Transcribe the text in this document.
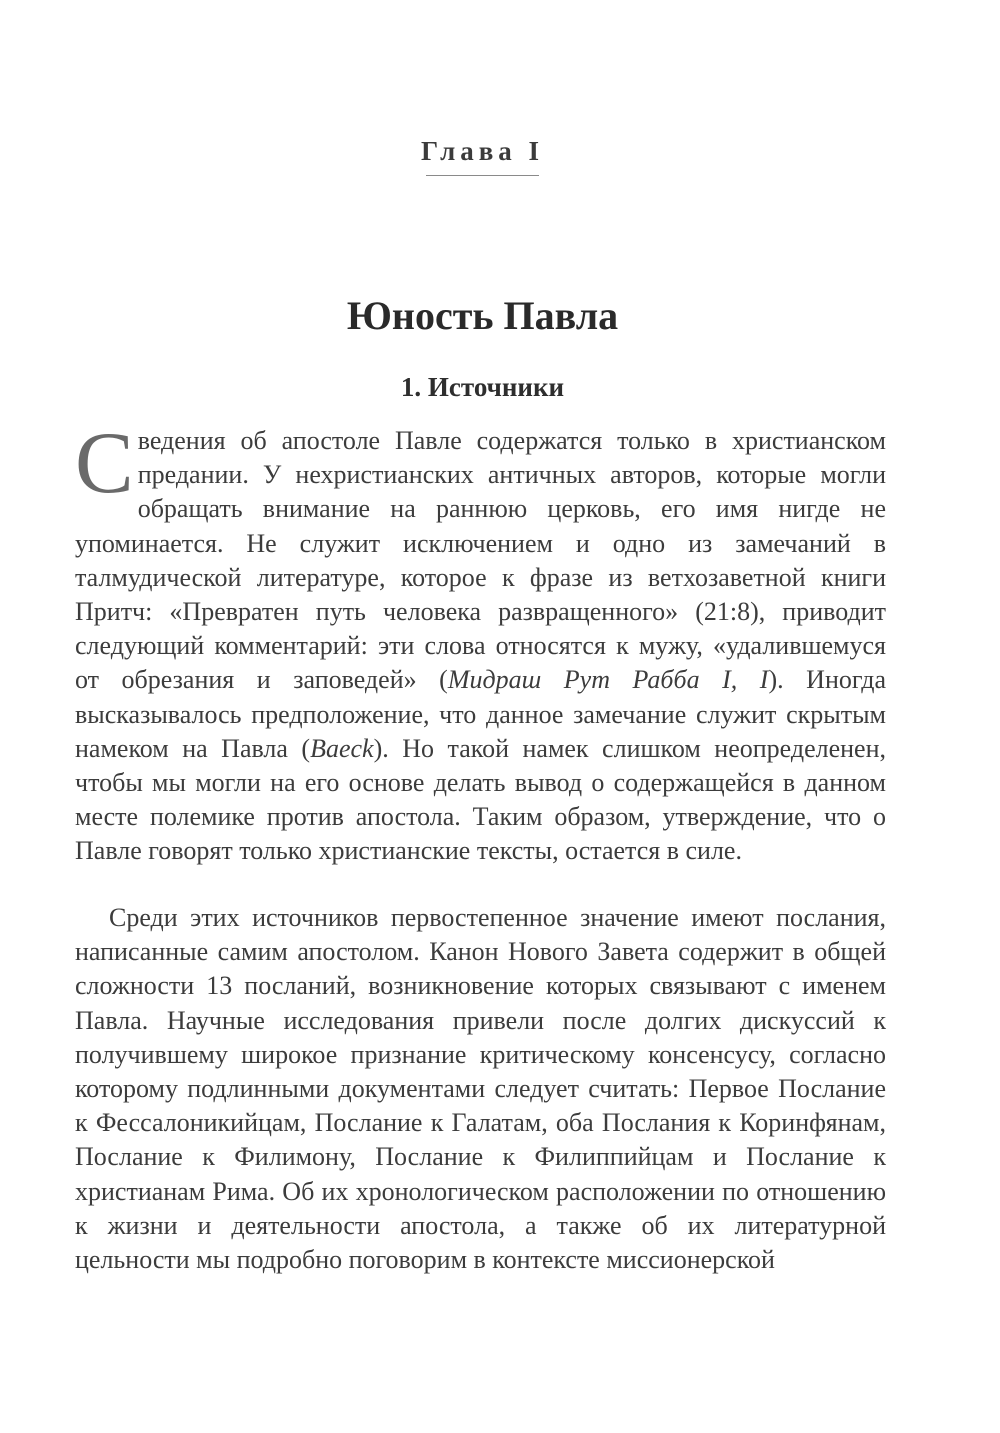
Глава I
Юность Павла
1. Источники

Сведения об апостоле Павле содержатся только в христианском предании. У нехристианских античных авторов, которые могли обращать внимание на раннюю церковь, его имя нигде не упоминается. Не служит исключением и одно из замечаний в талмудической литературе, которое к фразе из ветхозаветной книги Притч: «Превратен путь человека развращенного» (21:8), приводит следующий комментарий: эти слова относятся к мужу, «удалившемуся от обрезания и заповедей» (Мидраш Рут Рабба I, I). Иногда высказывалось предположение, что данное замечание служит скрытым намеком на Павла (Baeck). Но такой намек слишком неопределенен, чтобы мы могли на его основе делать вывод о содержащейся в данном месте полемике против апостола. Таким образом, утверждение, что о Павле говорят только христианские тексты, остается в силе.

Среди этих источников первостепенное значение имеют послания, написанные самим апостолом. Канон Нового Завета содержит в общей сложности 13 посланий, возникновение которых связывают с именем Павла. Научные исследования привели после долгих дискуссий к получившему широкое признание критическому консенсусу, согласно которому подлинными документами следует считать: Первое Послание к Фессалоникийцам, Послание к Галатам, оба Послания к Коринфянам, Послание к Филимону, Послание к Филиппийцам и Послание к христианам Рима. Об их хронологическом расположении по отношению к жизни и деятельности апостола, а также об их литературной цельности мы подробно поговорим в контексте миссионерской
